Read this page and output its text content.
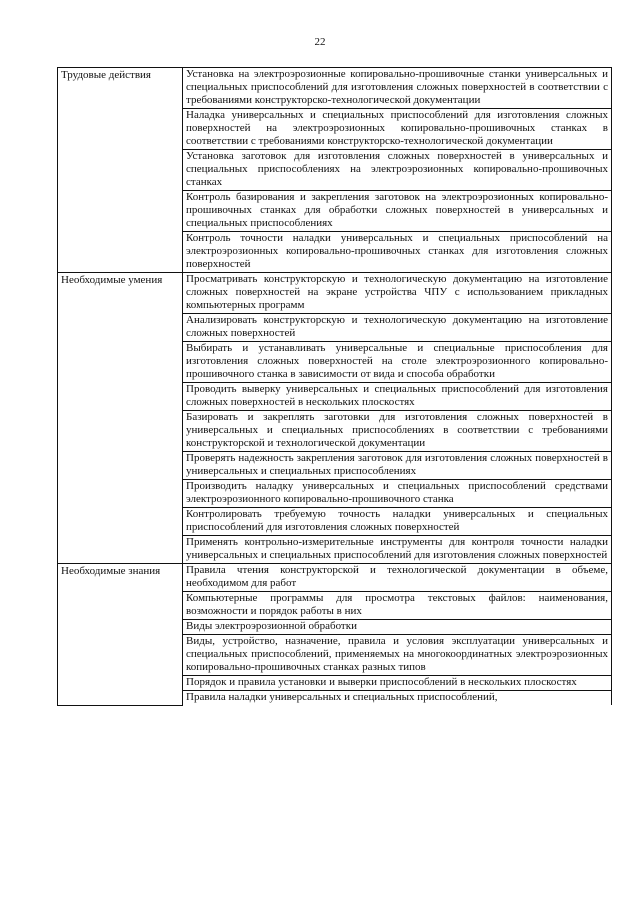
22
Трудовые действия	Установка на электроэрозионные копировально-прошивочные станки универсальных и специальных приспособлений для изготовления сложных поверхностей в соответствии с требованиями конструкторско-технологической документации
	Наладка универсальных и специальных приспособлений для изготовления сложных поверхностей на электроэрозионных копировально-прошивочных станках в соответствии с требованиями конструкторско-технологической документации
	Установка заготовок для изготовления сложных поверхностей в универсальных и специальных приспособлениях на электроэрозионных копировально-прошивочных станках
	Контроль базирования и закрепления заготовок на электроэрозионных копировально-прошивочных станках для обработки сложных поверхностей в универсальных и специальных приспособлениях
	Контроль точности наладки универсальных и специальных приспособлений на электроэрозионных копировально-прошивочных станках для изготовления сложных поверхностей
Необходимые умения	Просматривать конструкторскую и технологическую документацию на изготовление сложных поверхностей на экране устройства ЧПУ с использованием прикладных компьютерных программ
	Анализировать конструкторскую и технологическую документацию на изготовление сложных поверхностей
	Выбирать и устанавливать универсальные и специальные приспособления для изготовления сложных поверхностей на столе электроэрозионного копировально-прошивочного станка в зависимости от вида и способа обработки
	Проводить выверку универсальных и специальных приспособлений для изготовления сложных поверхностей в нескольких плоскостях
	Базировать и закреплять заготовки для изготовления сложных поверхностей в универсальных и специальных приспособлениях в соответствии с требованиями конструкторской и технологической документации
	Проверять надежность закрепления заготовок для изготовления сложных поверхностей в универсальных и специальных приспособлениях
	Производить наладку универсальных и специальных приспособлений средствами электроэрозионного копировально-прошивочного станка
	Контролировать требуемую точность наладки универсальных и специальных приспособлений для изготовления сложных поверхностей
	Применять контрольно-измерительные инструменты для контроля точности наладки универсальных и специальных приспособлений для изготовления сложных поверхностей
Необходимые знания	Правила чтения конструкторской и технологической документации в объеме, необходимом для работ
	Компьютерные программы для просмотра текстовых файлов: наименования, возможности и порядок работы в них
	Виды электроэрозионной обработки
	Виды, устройство, назначение, правила и условия эксплуатации универсальных и специальных приспособлений, применяемых на многокоординатных электроэрозионных копировально-прошивочных станках разных типов
	Порядок и правила установки и выверки приспособлений в нескольких плоскостях
	Правила наладки универсальных и специальных приспособлений,
